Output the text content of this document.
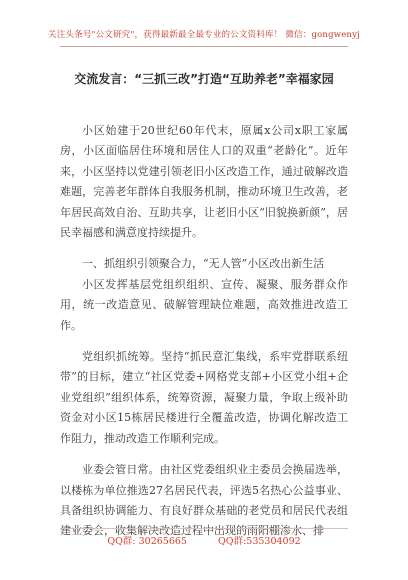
关注头条号"公文研究"，获得最新最全最专业的公文资料库！ 微信：gongwenyj
交流发言：“三抓三改”打造“互助养老”幸福家园

小区始建于20世纪60年代末，原属x公司x职工家属房，小区面临居住环境和居住人口的双重“老龄化”。近年来，小区坚持以党建引领老旧小区改造工作，通过破解改造难题，完善老年群体自我服务机制，推动环境卫生改善，老年居民高效自治、互助共享，让老旧小区“旧貌换新颜”，居民幸福感和满意度持续提升。

一、抓组织引领聚合力，“无人管”小区改出新生活

小区发挥基层党组织组织、宣传、凝聚、服务群众作用，统一改造意见、破解管理缺位难题，高效推进改造工作。

党组织抓统筹。坚持“抓民意汇集线，系牢党群联系纽带”的目标，建立“社区党委+网格党支部+小区党小组+企业党组织”组织体系，统筹资源，凝聚力量，争取上级补助资金对小区15栋居民楼进行全覆盖改造，协调化解改造工作阻力，推动改造工作顺利完成。

业委会管日常。由社区党委组织业主委员会换届选举，以楼栋为单位推选27名居民代表，评选5名热心公益事业、具备组织协调能力、有良好群众基础的老党员和居民代表组建业委会，收集解决改造过程中出现的雨阳棚渗水、排

QQ群: 30265665	QQ群:535304092
